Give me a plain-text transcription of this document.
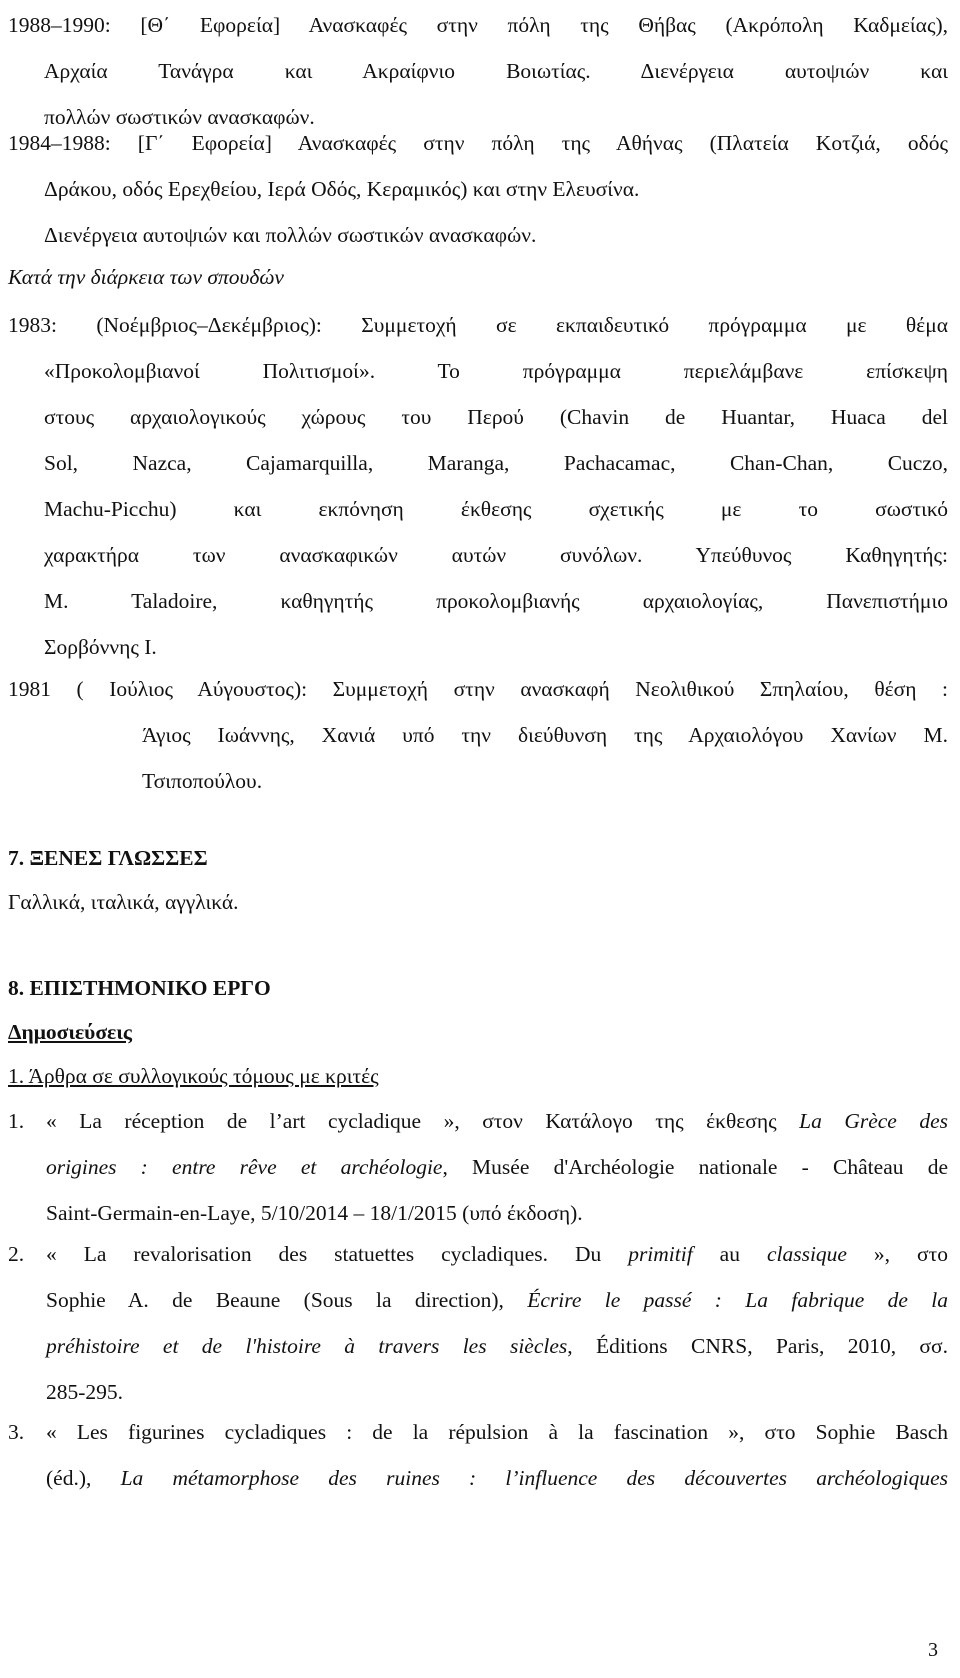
1988–1990: [Θ΄ Εφορεία] Ανασκαφές στην πόλη της Θήβας (Ακρόπολη Καδμείας),
Αρχαία Τανάγρα και Ακραίφνιο Βοιωτίας. Διενέργεια αυτοψιών και
πολλών σωστικών ανασκαφών.
1984–1988: [Γ΄ Εφορεία] Ανασκαφές στην πόλη της Αθήνας (Πλατεία Κοτζιά, οδός
Δράκου, οδός Ερεχθείου, Ιερά Οδός, Κεραμικός) και στην Ελευσίνα.
Διενέργεια αυτοψιών και πολλών σωστικών ανασκαφών.
Κατά την διάρκεια των σπουδών
1983: (Νοέμβριος–Δεκέμβριος): Συμμετοχή σε εκπαιδευτικό πρόγραμμα με θέμα
«Προκολομβιανοί Πολιτισμοί». Το πρόγραμμα περιελάμβανε επίσκεψη
στους αρχαιολογικούς χώρους του Περού (Chavin de Huantar, Huaca del
Sol, Nazca, Cajamarquilla, Maranga, Pachacamac, Chan-Chan, Cuczo,
Machu-Picchu) και εκπόνηση έκθεσης σχετικής με το σωστικό
χαρακτήρα των ανασκαφικών αυτών συνόλων. Υπεύθυνος Καθηγητής:
M. Taladoire, καθηγητής προκολομβιανής αρχαιολογίας, Πανεπιστήμιο
Σορβόννης I.
1981 ( Ιούλιος Αύγουστος): Συμμετοχή στην ανασκαφή Νεολιθικού Σπηλαίου, θέση :
Άγιος Ιωάννης, Χανιά υπό την διεύθυνση της Αρχαιολόγου Χανίων Μ.
Τσιποπούλου.
7. ΞΕΝΕΣ ΓΛΩΣΣΕΣ
Γαλλικά, ιταλικά, αγγλικά.
8. ΕΠΙΣΤΗΜΟΝΙΚΟ ΕΡΓΟ
Δημοσιεύσεις
1. Άρθρα σε συλλογικούς τόμους με κριτές
1. « La réception de l’art cycladique », στον Κατάλογο της έκθεσης La Grèce des
origines : entre rêve et archéologie, Musée d'Archéologie nationale - Château de
Saint-Germain-en-Laye, 5/10/2014 – 18/1/2015 (υπό έκδοση).
2. « La revalorisation des statuettes cycladiques. Du primitif au classique », στο
Sophie A. de Beaune (Sous la direction), Écrire le passé : La fabrique de la
préhistoire et de l'histoire à travers les siècles, Éditions CNRS, Paris, 2010, σσ.
285-295.
3. « Les figurines cycladiques : de la répulsion à la fascination », στο Sophie Basch
(éd.), La métamorphose des ruines : l’influence des découvertes archéologiques
3
